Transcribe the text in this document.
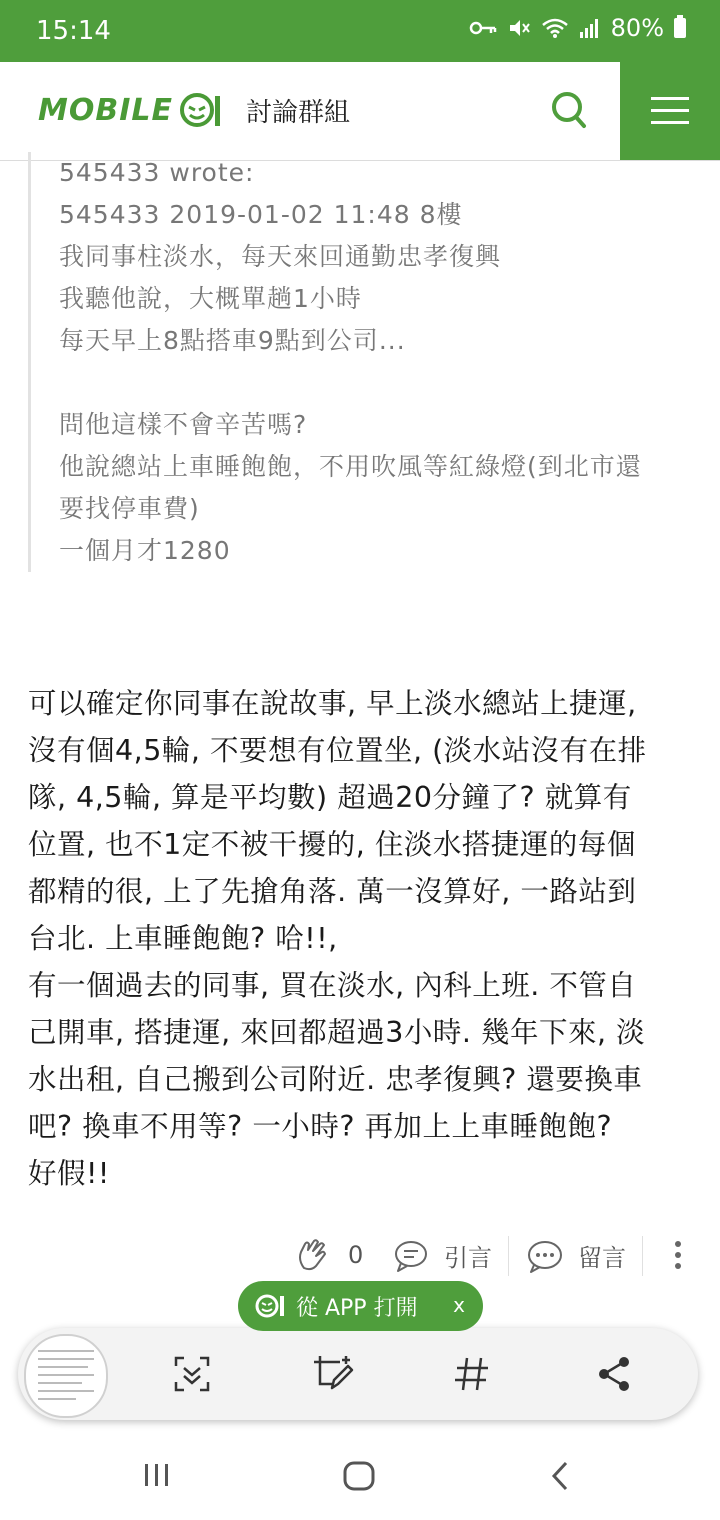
15:14	80%
MOBILE	討論群組
545433 wrote:
545433 2019-01-02 11:48 8樓
我同事柱淡水，每天來回通勤忠孝復興
我聽他說，大概單趟1小時
每天早上8點搭車9點到公司...
問他這樣不會辛苦嗎?
他說總站上車睡飽飽，不用吹風等紅綠燈(到北市還
要找停車費)
一個月才1280
可以確定你同事在說故事, 早上淡水總站上捷運,
沒有個4,5輪, 不要想有位置坐, (淡水站沒有在排
隊, 4,5輪, 算是平均數) 超過20分鐘了? 就算有
位置, 也不1定不被干擾的, 住淡水搭捷運的每個
都精的很, 上了先搶角落. 萬一沒算好, 一路站到
台北. 上車睡飽飽? 哈!!,
有一個過去的同事, 買在淡水, 內科上班. 不管自
己開車, 搭捷運, 來回都超過3小時. 幾年下來, 淡
水出租, 自己搬到公司附近. 忠孝復興? 還要換車
吧? 換車不用等? 一小時? 再加上上車睡飽飽?
好假!!
0	引言	留言
從 APP 打開 x
